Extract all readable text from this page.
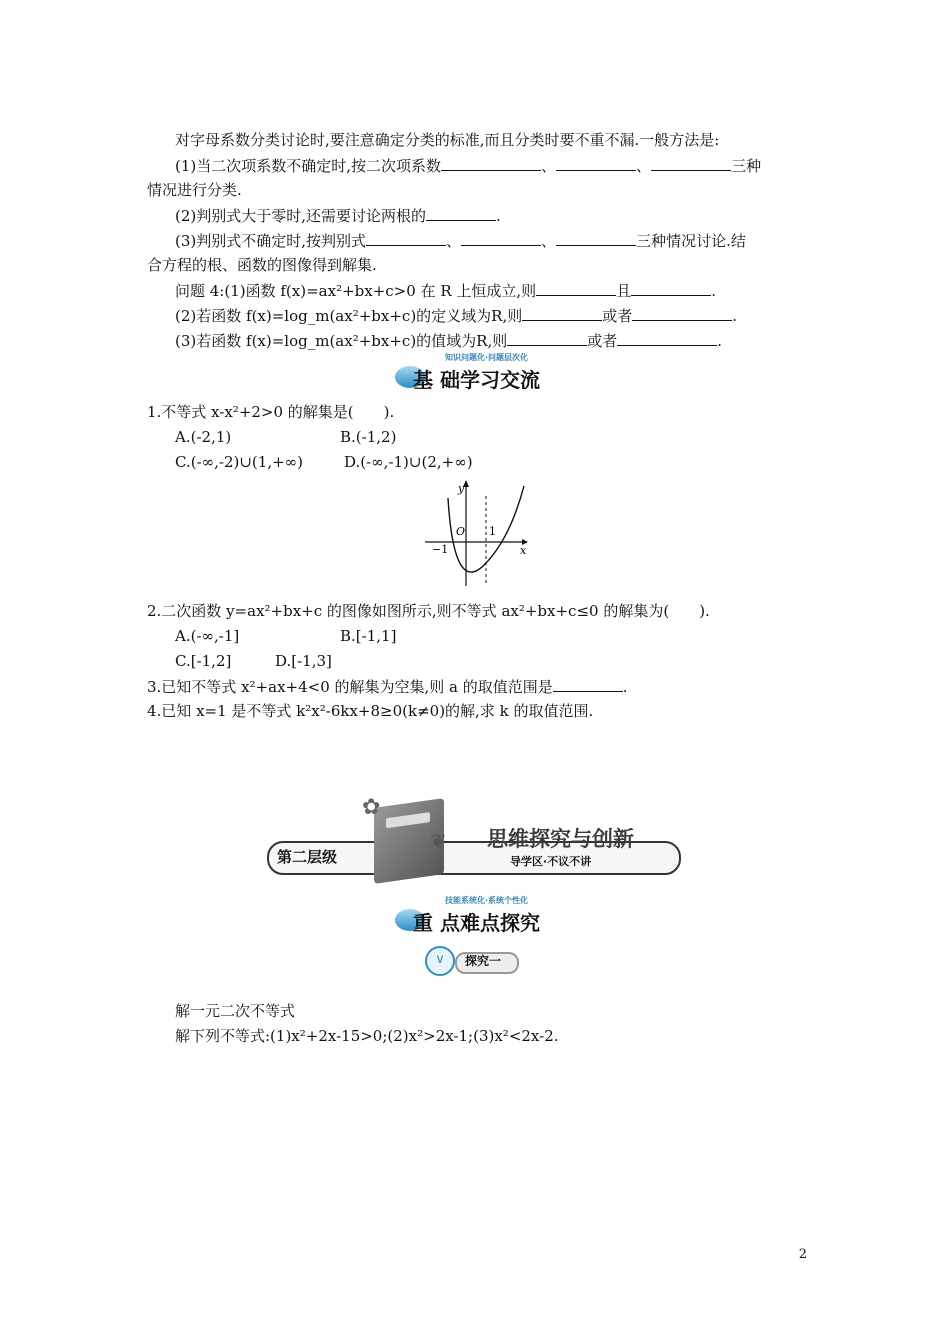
对字母系数分类讨论时,要注意确定分类的标准,而且分类时要不重不漏.一般方法是:
(1)当二次项系数不确定时,按二次项系数	、	、	三种
情况进行分类.
(2)判别式大于零时,还需要讨论两根的	.
(3)判别式不确定时,按判别式	、	、	三种情况讨论.结
合方程的根、函数的图像得到解集.
问题 4:(1)函数 f(x)=ax²+bx+c>0 在 R 上恒成立,则	且	.
(2)若函数 f(x)=log_m(ax²+bx+c)的定义域为R,则	或者	.
(3)若函数 f(x)=log_m(ax²+bx+c)的值域为R,则	或者	.
知识问题化·问题层次化
基 础学习交流
1.不等式 x-x²+2>0 的解集是(　　).
A.(-2,1)	B.(-1,2)
C.(-∞,-2)∪(1,+∞)	D.(-∞,-1)∪(2,+∞)
y
x
O 1
−1
2.二次函数 y=ax²+bx+c 的图像如图所示,则不等式 ax²+bx+c≤0 的解集为(　　).
A.(-∞,-1]	B.[-1,1]
C.[-1,2]	D.[-1,3]
3.已知不等式 x²+ax+4<0 的解集为空集,则 a 的取值范围是	.
4.已知 x=1 是不等式 k²x²-6kx+8≥0(k≠0)的解,求 k 的取值范围.
第二层级
✿
❦ 思维探究与创新
导学区·不议不讲
技能系统化·系统个性化
重 点难点探究
∨	探究一
解一元二次不等式
解下列不等式:(1)x²+2x-15>0;(2)x²>2x-1;(3)x²<2x-2.
2
